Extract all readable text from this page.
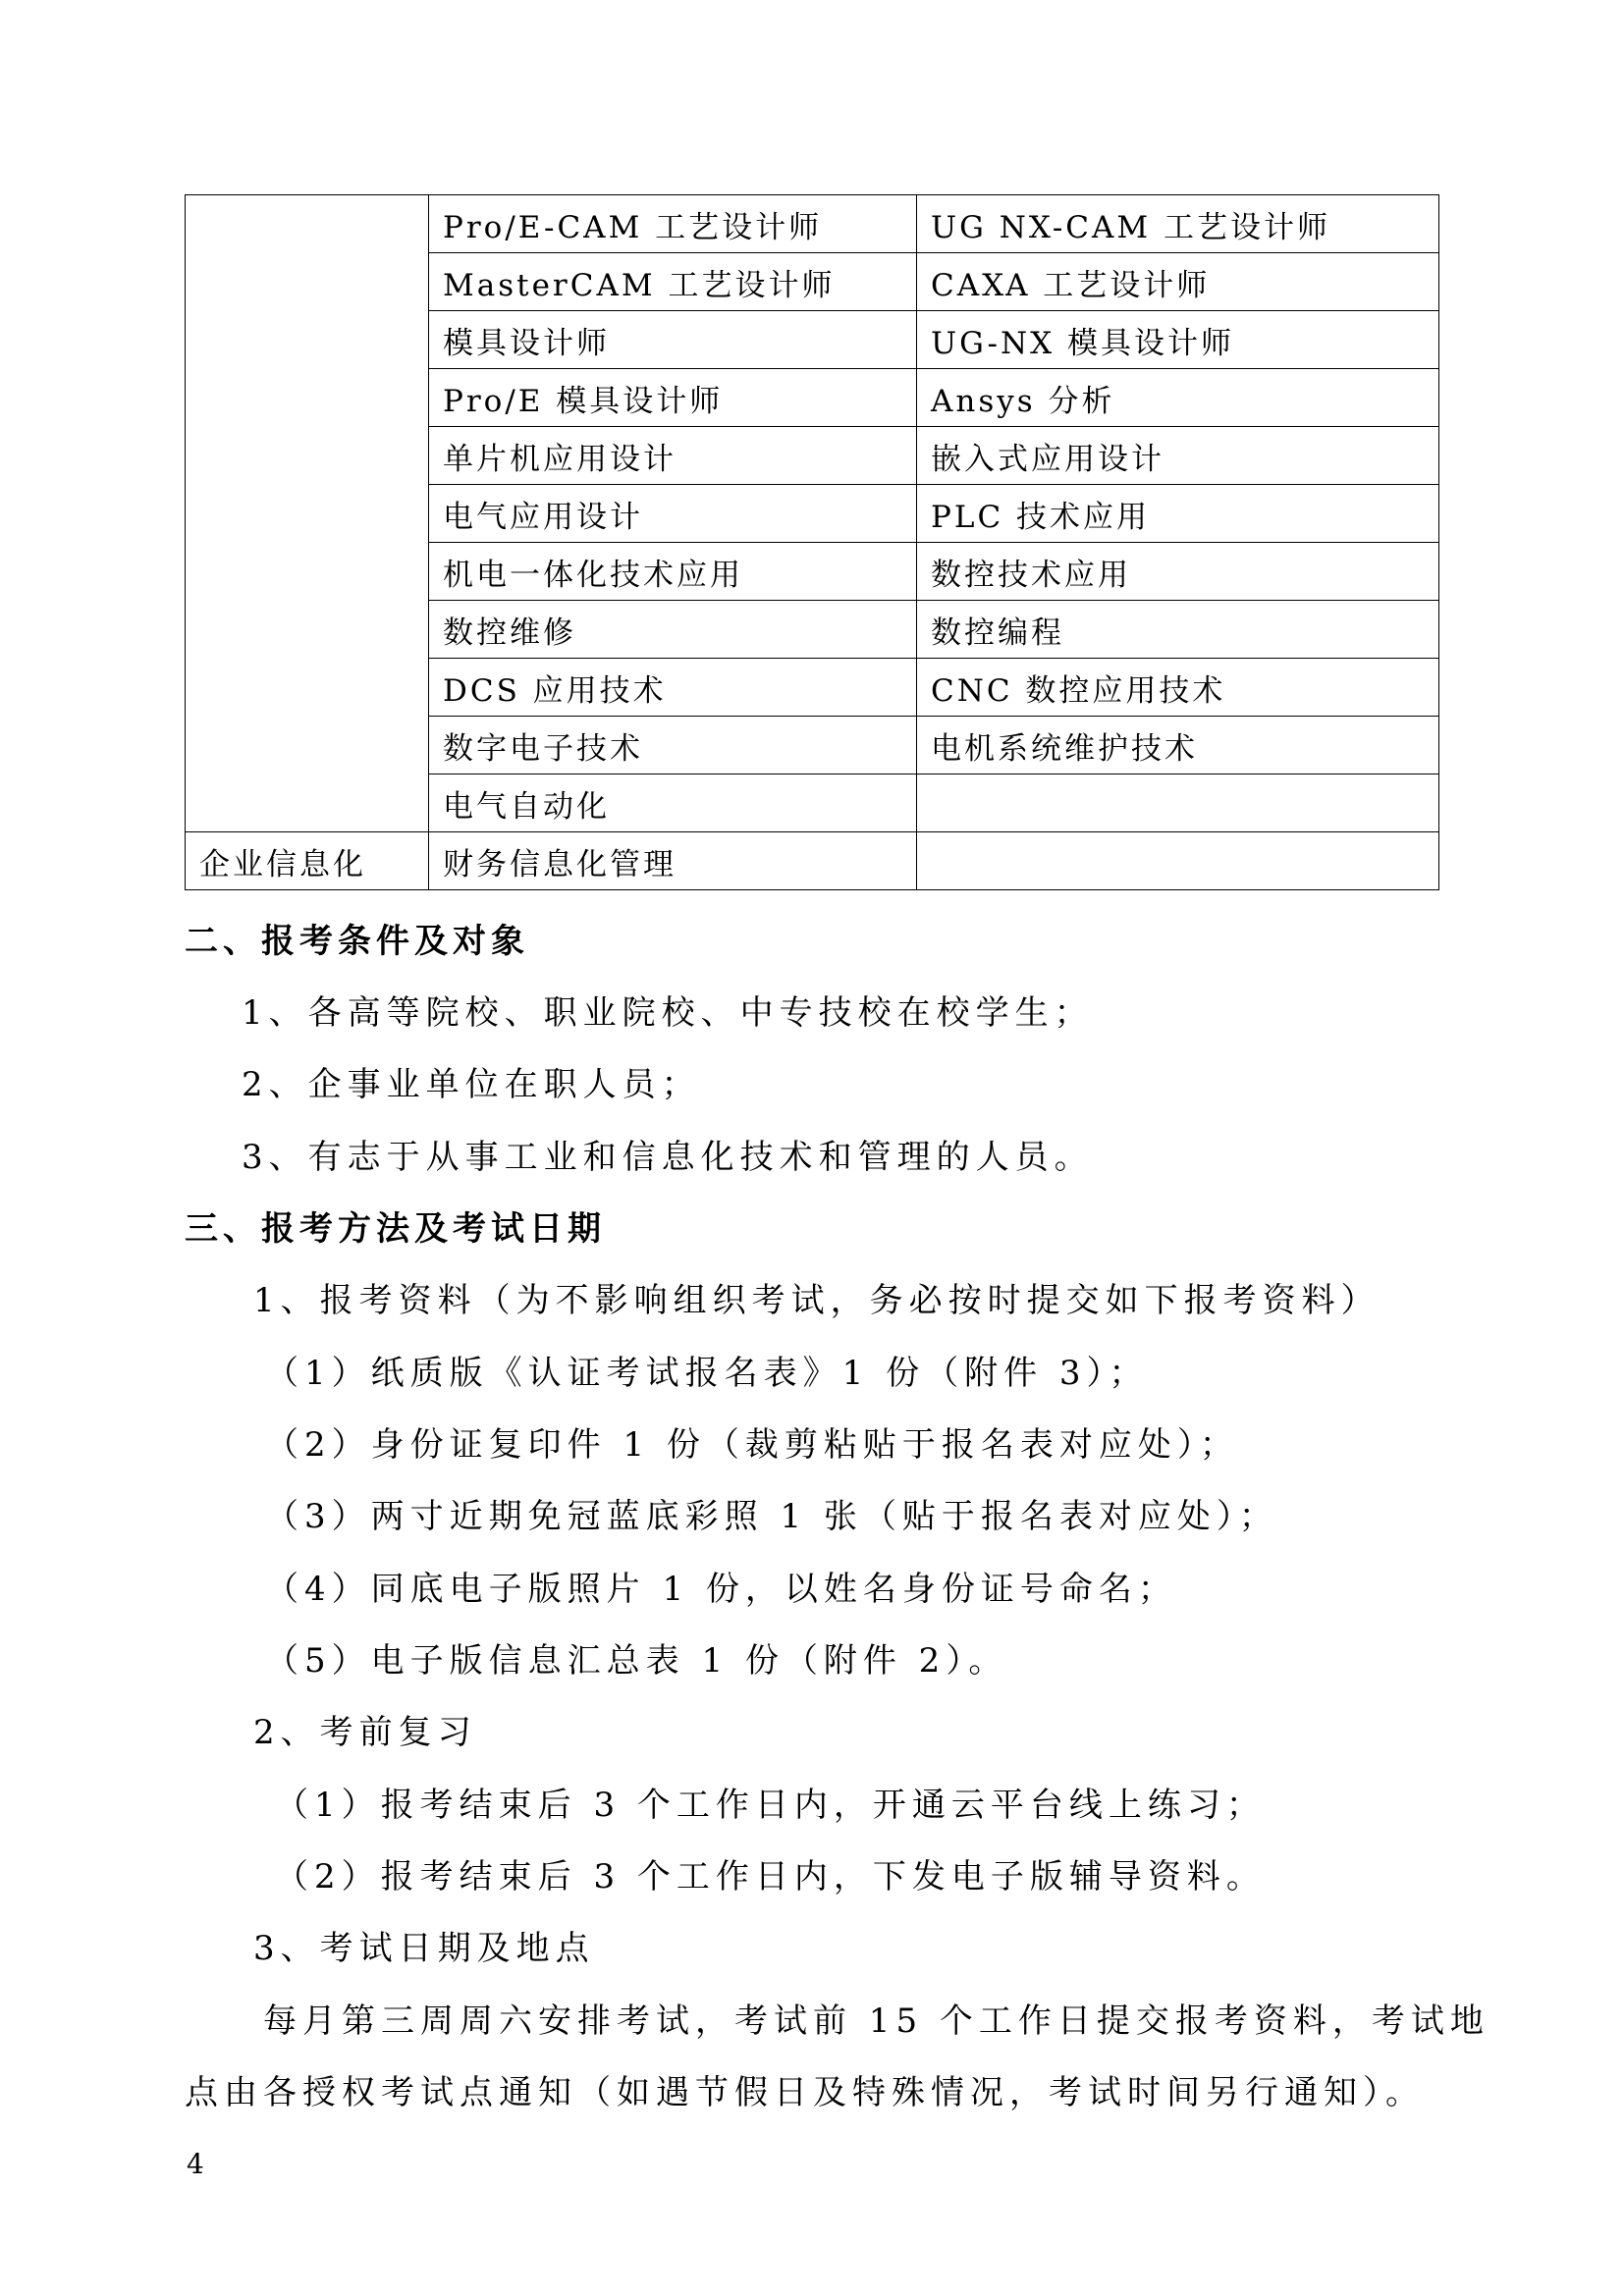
	Pro/E-CAM 工艺设计师	UG NX-CAM 工艺设计师
	MasterCAM 工艺设计师	CAXA 工艺设计师
	模具设计师	UG-NX 模具设计师
	Pro/E 模具设计师	Ansys 分析
	单片机应用设计	嵌入式应用设计
	电气应用设计	PLC 技术应用
	机电一体化技术应用	数控技术应用
	数控维修	数控编程
	DCS 应用技术	CNC 数控应用技术
	数字电子技术	电机系统维护技术
	电气自动化	
企业信息化	财务信息化管理	
二、报考条件及对象
1、各高等院校、职业院校、中专技校在校学生；
2、企事业单位在职人员；
3、有志于从事工业和信息化技术和管理的人员。
三、报考方法及考试日期
1、报考资料（为不影响组织考试，务必按时提交如下报考资料）
（1）纸质版《认证考试报名表》1 份（附件 3）；
（2）身份证复印件 1 份（裁剪粘贴于报名表对应处）；
（3）两寸近期免冠蓝底彩照 1 张（贴于报名表对应处）；
（4）同底电子版照片 1 份，以姓名身份证号命名；
（5）电子版信息汇总表 1 份（附件 2）。
2、考前复习
（1）报考结束后 3 个工作日内，开通云平台线上练习；
（2）报考结束后 3 个工作日内，下发电子版辅导资料。
3、考试日期及地点
每月第三周周六安排考试，考试前 15 个工作日提交报考资料，考试地
点由各授权考试点通知（如遇节假日及特殊情况，考试时间另行通知）。
4
